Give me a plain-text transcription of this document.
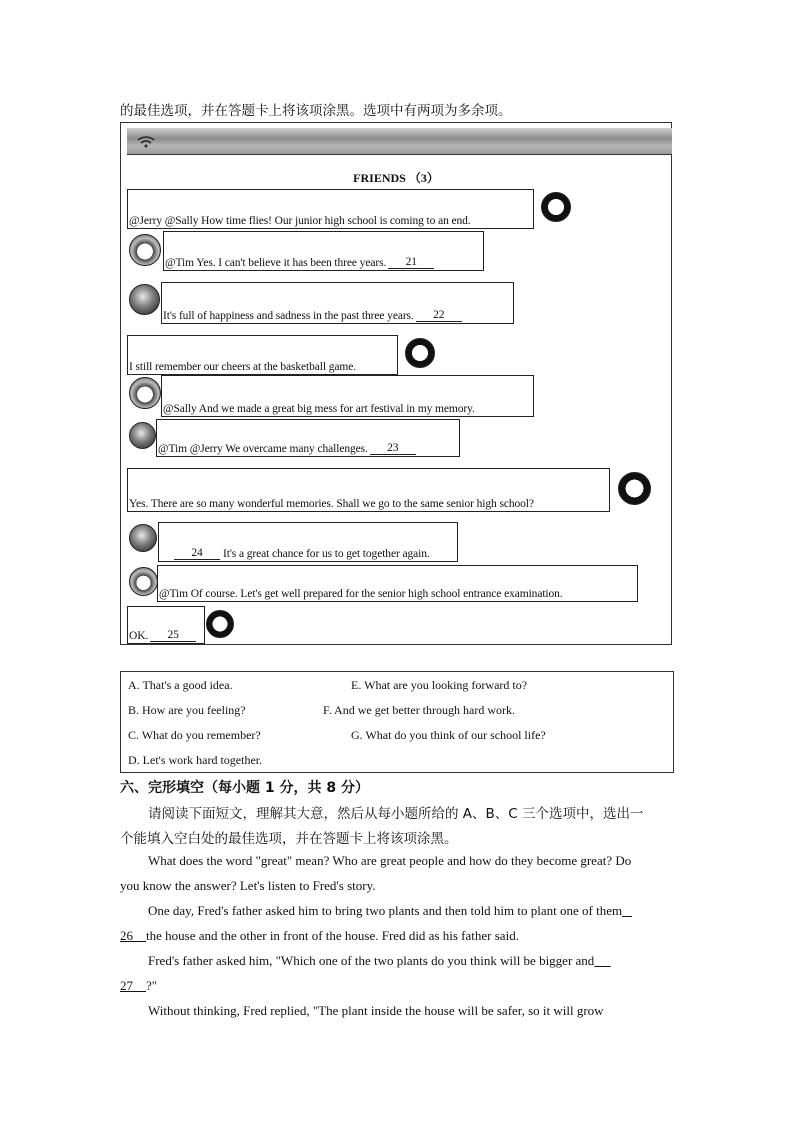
的最佳选项，并在答题卡上将该项涂黑。选项中有两项为多余项。
FRIENDS （3）
@Jerry @Sally How time flies! Our junior high school is coming to an end.
@Tim Yes. I can't believe it has been three years.	21
It's full of happiness and sadness in the past three years.	22
I still remember our cheers at the basketball game.
@Sally And we made a great big mess for art festival in my memory.
@Tim @Jerry We overcame many challenges.	23
Yes. There are so many wonderful memories. Shall we go to the same senior high school?
24	It's a great chance for us to get together again.
@Tim Of course. Let's get well prepared for the senior high school entrance examination.
OK.	25
A. That's a good idea.	E. What are you looking forward to?
B. How are you feeling?	F. And we get better through hard work.
C. What do you remember?	G. What do you think of our school life?
D. Let's work hard together.
六、完形填空（每小题 1 分，共 8 分）
请阅读下面短文，理解其大意，然后从每小题所给的 A、B、C 三个选项中，选出一
个能填入空白处的最佳选项，并在答题卡上将该项涂黑。
What does the word "great" mean? Who are great people and how do they become great? Do
you know the answer? Let's listen to Fred's story.
One day, Fred's father asked him to bring two plants and then told him to plant one of them
26 the house and the other in front of the house. Fred did as his father said.
Fred's father asked him, "Which one of the two plants do you think will be bigger and
27 ?"
Without thinking, Fred replied, "The plant inside the house will be safer, so it will grow
